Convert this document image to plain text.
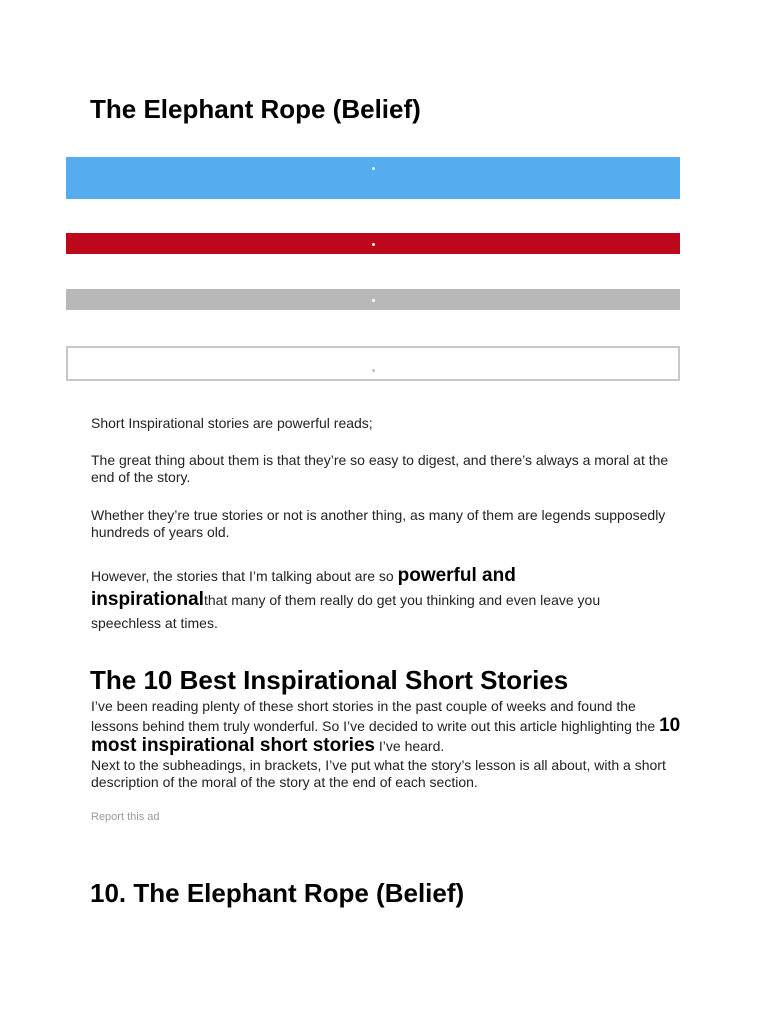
The Elephant Rope (Belief)

Short Inspirational stories are powerful reads;

The great thing about them is that they’re so easy to digest, and there’s always a moral at the end of the story.

Whether they’re true stories or not is another thing, as many of them are legends supposedly hundreds of years old.

However, the stories that I’m talking about are so powerful and inspirationalthat many of them really do get you thinking and even leave you speechless at times.

The 10 Best Inspirational Short Stories

I’ve been reading plenty of these short stories in the past couple of weeks and found the lessons behind them truly wonderful. So I’ve decided to write out this article highlighting the 10 most inspirational short stories I’ve heard.

Next to the subheadings, in brackets, I’ve put what the story’s lesson is all about, with a short description of the moral of the story at the end of each section.

Report this ad
10. The Elephant Rope (Belief)
